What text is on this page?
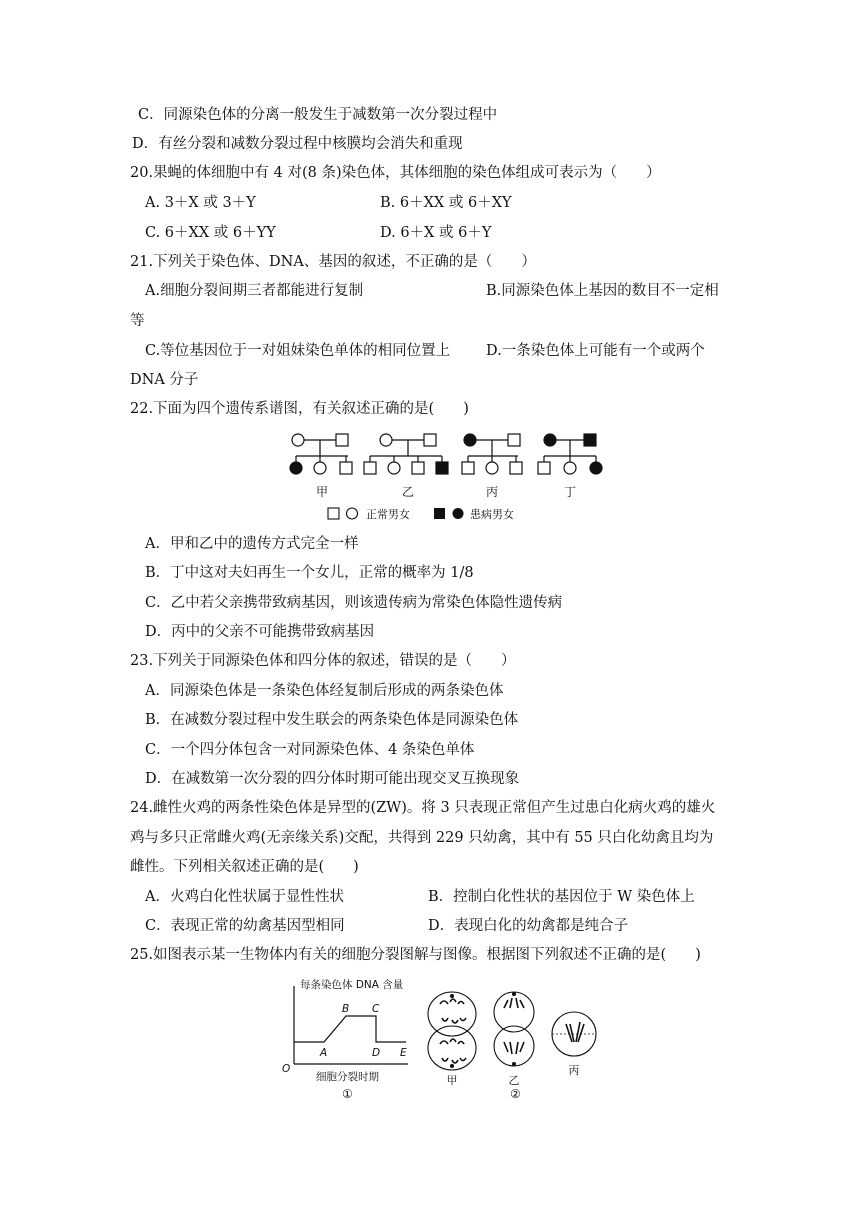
C．同源染色体的分离一般发生于减数第一次分裂过程中
D．有丝分裂和减数分裂过程中核膜均会消失和重现
20.果蝇的体细胞中有 4 对(8 条)染色体，其体细胞的染色体组成可表示为（　　）
A. 3＋X 或 3＋Y	B. 6＋XX 或 6＋XY
C. 6＋XX 或 6＋YY	D. 6＋X 或 6＋Y
21.下列关于染色体、DNA、基因的叙述，不正确的是（　　）
A.细胞分裂间期三者都能进行复制	B.同源染色体上基因的数目不一定相
等
C.等位基因位于一对姐妹染色单体的相同位置上 D.一条染色体上可能有一个或两个
DNA 分子
22.下面为四个遗传系谱图，有关叙述正确的是(　　)
甲	乙	丙	丁
正常男女	患病男女
A．甲和乙中的遗传方式完全一样
B．丁中这对夫妇再生一个女儿，正常的概率为 1/8
C．乙中若父亲携带致病基因，则该遗传病为常染色体隐性遗传病
D．丙中的父亲不可能携带致病基因
23.下列关于同源染色体和四分体的叙述，错误的是（　　）
A．同源染色体是一条染色体经复制后形成的两条染色体
B．在减数分裂过程中发生联会的两条染色体是同源染色体
C．一个四分体包含一对同源染色体、4 条染色单体
D．在减数第一次分裂的四分体时期可能出现交叉互换现象
24.雌性火鸡的两条性染色体是异型的(ZW)。将 3 只表现正常但产生过患白化病火鸡的雄火
鸡与多只正常雌火鸡(无亲缘关系)交配，共得到 229 只幼禽，其中有 55 只白化幼禽且均为
雌性。下列相关叙述正确的是(　　)
A．火鸡白化性状属于显性性状	B．控制白化性状的基因位于 W 染色体上
C．表现正常的幼禽基因型相同	D．表现白化的幼禽都是纯合子
25.如图表示某一生物体内有关的细胞分裂图解与图像。根据图下列叙述不正确的是(　　)
每条染色体 DNA 含量
O
A
B C
D E
细胞分裂时期
①	②
甲	乙
丙
